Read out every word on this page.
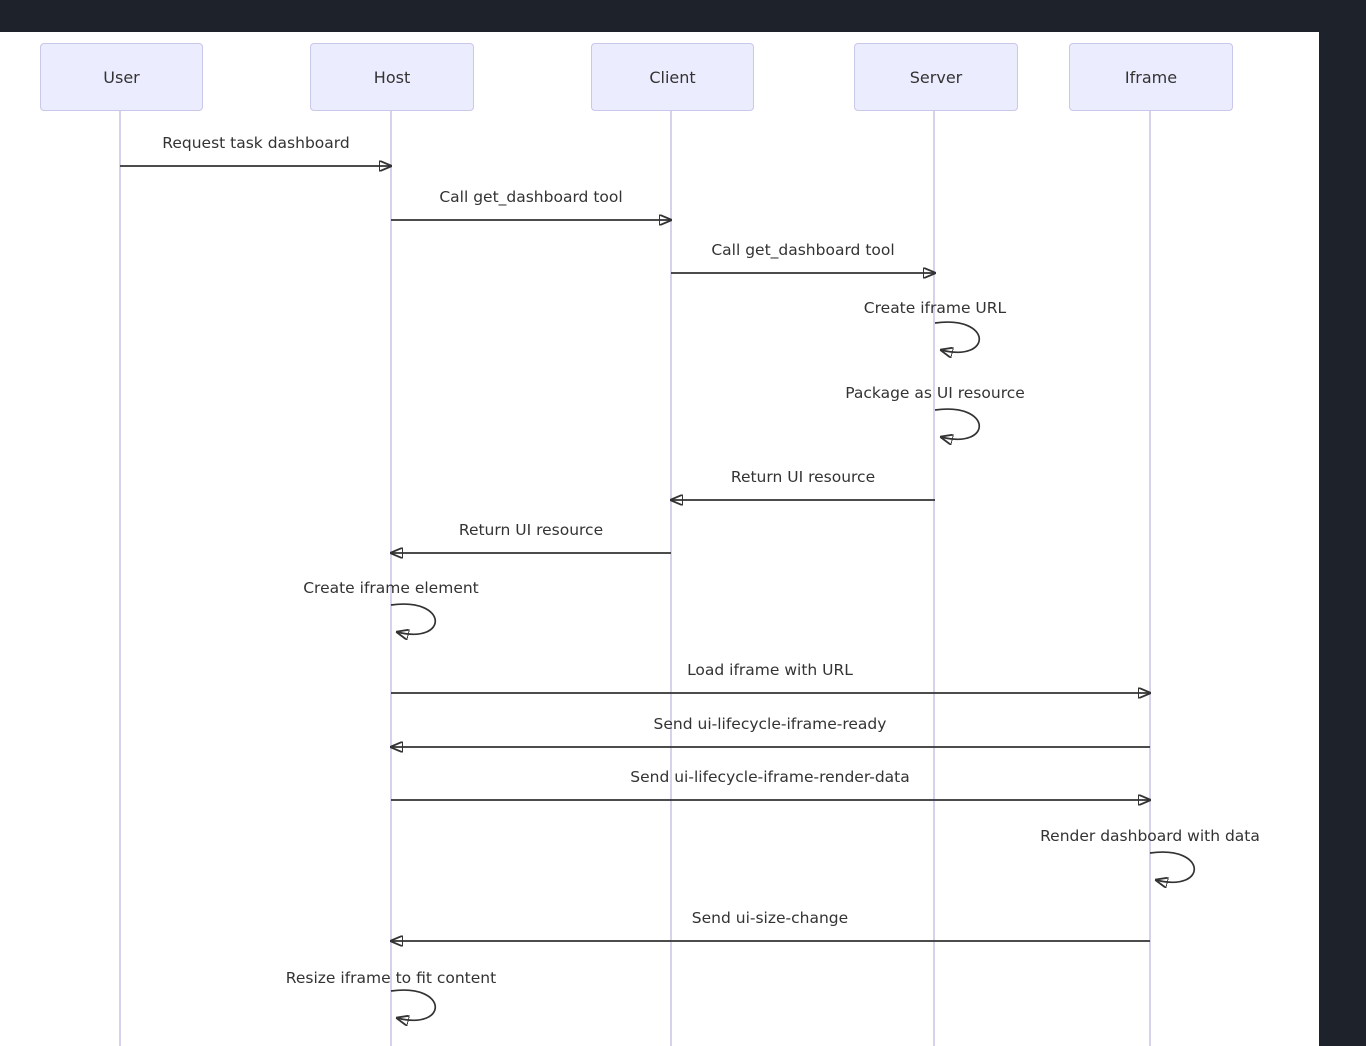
User	Host	Client	Server	Iframe
Request task dashboard
Call get_dashboard tool
Call get_dashboard tool
Create iframe URL
Package as UI resource
Return UI resource
Return UI resource
Create iframe element
Load iframe with URL
Send ui-lifecycle-iframe-ready
Send ui-lifecycle-iframe-render-data
Render dashboard with data
Send ui-size-change
Resize iframe to fit content
